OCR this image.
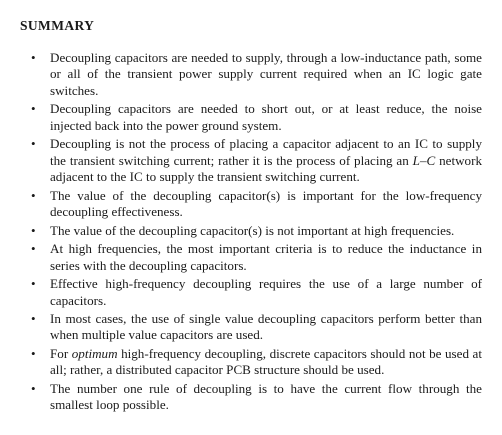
SUMMARY
• Decoupling capacitors are needed to supply, through a low-inductance path, some or all of the transient power supply current required when an IC logic gate switches.
• Decoupling capacitors are needed to short out, or at least reduce, the noise injected back into the power ground system.
• Decoupling is not the process of placing a capacitor adjacent to an IC to supply the transient switching current; rather it is the process of placing an L–C network adjacent to the IC to supply the transient switching current.
• The value of the decoupling capacitor(s) is important for the low-frequency decoupling effectiveness.
• The value of the decoupling capacitor(s) is not important at high frequencies.
• At high frequencies, the most important criteria is to reduce the inductance in series with the decoupling capacitors.
• Effective high-frequency decoupling requires the use of a large number of capacitors.
• In most cases, the use of single value decoupling capacitors perform better than when multiple value capacitors are used.
• For optimum high-frequency decoupling, discrete capacitors should not be used at all; rather, a distributed capacitor PCB structure should be used.
• The number one rule of decoupling is to have the current flow through the smallest loop possible.
